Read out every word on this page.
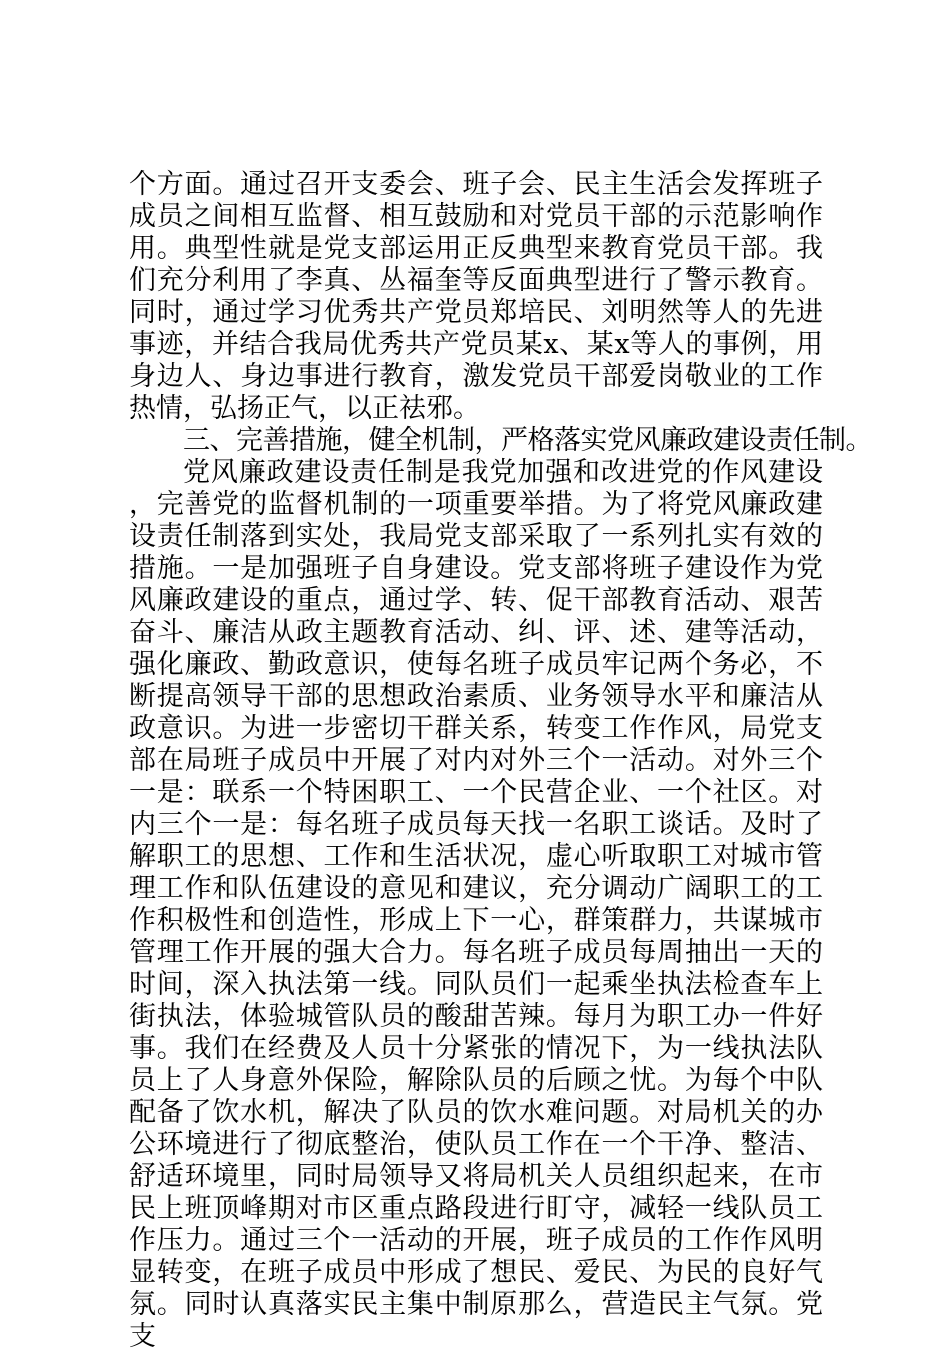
个方面。通过召开支委会、班子会、民主生活会发挥班子成员之间相互监督、相互鼓励和对党员干部的示范影响作用。典型性就是党支部运用正反典型来教育党员干部。我们充分利用了李真、丛福奎等反面典型进行了警示教育。同时，通过学习优秀共产党员郑培民、刘明然等人的先进事迹，并结合我局优秀共产党员某x、某x等人的事例，用身边人、身边事进行教育，激发党员干部爱岗敬业的工作热情，弘扬正气，以正祛邪。

三、完善措施，健全机制，严格落实党风廉政建设责任制。

党风廉政建设责任制是我党加强和改进党的作风建设，完善党的监督机制的一项重要举措。为了将党风廉政建设责任制落到实处，我局党支部采取了一系列扎实有效的措施。一是加强班子自身建设。党支部将班子建设作为党风廉政建设的重点，通过学、转、促干部教育活动、艰苦奋斗、廉洁从政主题教育活动、纠、评、述、建等活动，强化廉政、勤政意识，使每名班子成员牢记两个务必，不断提高领导干部的思想政治素质、业务领导水平和廉洁从政意识。为进一步密切干群关系，转变工作作风，局党支部在局班子成员中开展了对内对外三个一活动。对外三个一是：联系一个特困职工、一个民营企业、一个社区。对内三个一是：每名班子成员每天找一名职工谈话。及时了解职工的思想、工作和生活状况，虚心听取职工对城市管理工作和队伍建设的意见和建议，充分调动广阔职工的工作积极性和创造性，形成上下一心，群策群力，共谋城市管理工作开展的强大合力。每名班子成员每周抽出一天的时间，深入执法第一线。同队员们一起乘坐执法检查车上街执法，体验城管队员的酸甜苦辣。每月为职工办一件好事。我们在经费及人员十分紧张的情况下，为一线执法队员上了人身意外保险，解除队员的后顾之忧。为每个中队配备了饮水机，解决了队员的饮水难问题。对局机关的办公环境进行了彻底整治，使队员工作在一个干净、整洁、舒适环境里，同时局领导又将局机关人员组织起来，在市民上班顶峰期对市区重点路段进行盯守，减轻一线队员工作压力。通过三个一活动的开展，班子成员的工作作风明显转变，在班子成员中形成了想民、爱民、为民的良好气氛。同时认真落实民主集中制原那么，营造民主气氛。党支
